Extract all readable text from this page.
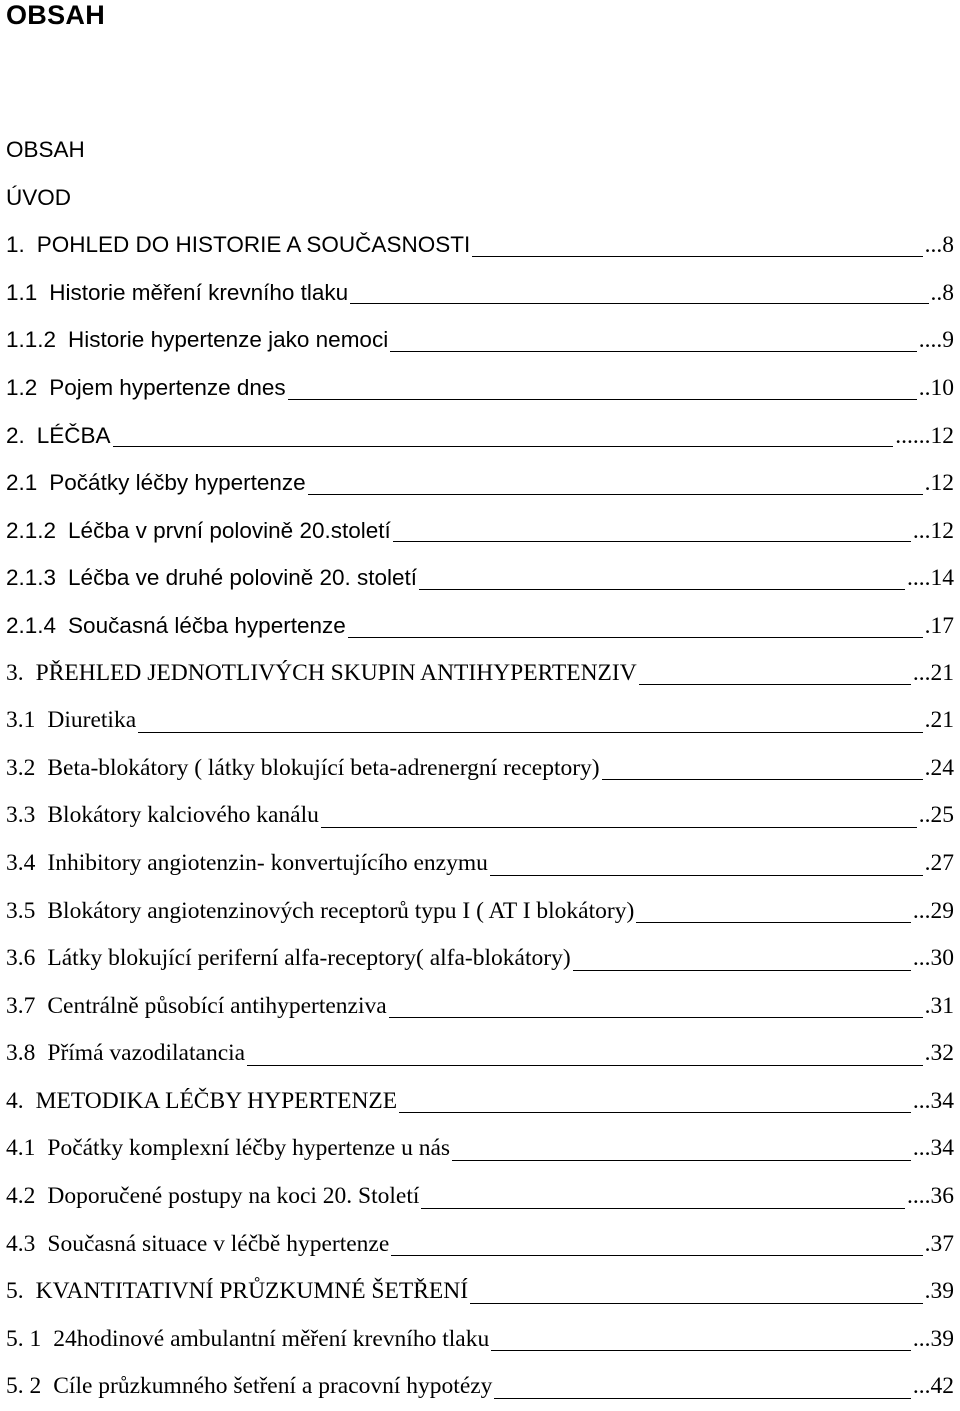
OBSAH
OBSAH
ÚVOD
1. POHLED DO HISTORIE A SOUČASNOSTI	... 8
1.1 Historie měření krevního tlaku	.. 8
1.1.2 Historie hypertenze jako nemoci	.... 9
1.2 Pojem hypertenze dnes	.. 10
2. LÉČBA	...... 12
2.1 Počátky léčby hypertenze	. 12
2.1.2 Léčba v první polovině 20.století	... 12
2.1.3 Léčba ve druhé polovině 20. století	.... 14
2.1.4 Současná léčba hypertenze	. 17
3. PŘEHLED JEDNOTLIVÝCH SKUPIN ANTIHYPERTENZIV	... 21
3.1 Diuretika	. 21
3.2 Beta-blokátory ( látky blokující beta-adrenergní receptory)	. 24
3.3 Blokátory kalciového kanálu	.. 25
3.4 Inhibitory angiotenzin- konvertujícího enzymu	. 27
3.5 Blokátory angiotenzinových receptorů typu I ( AT I blokátory)	... 29
3.6 Látky blokující periferní alfa-receptory( alfa-blokátory)	... 30
3.7 Centrálně působící antihypertenziva	. 31
3.8 Přímá vazodilatancia	. 32
4. METODIKA LÉČBY HYPERTENZE	... 34
4.1 Počátky komplexní léčby hypertenze u nás	... 34
4.2 Doporučené postupy na koci 20. Století	.... 36
4.3 Současná situace v léčbě hypertenze	. 37
5. KVANTITATIVNÍ PRŮZKUMNÉ ŠETŘENÍ	. 39
5. 1 24hodinové ambulantní měření krevního tlaku	... 39
5. 2 Cíle průzkumného šetření a pracovní hypotézy	... 42
